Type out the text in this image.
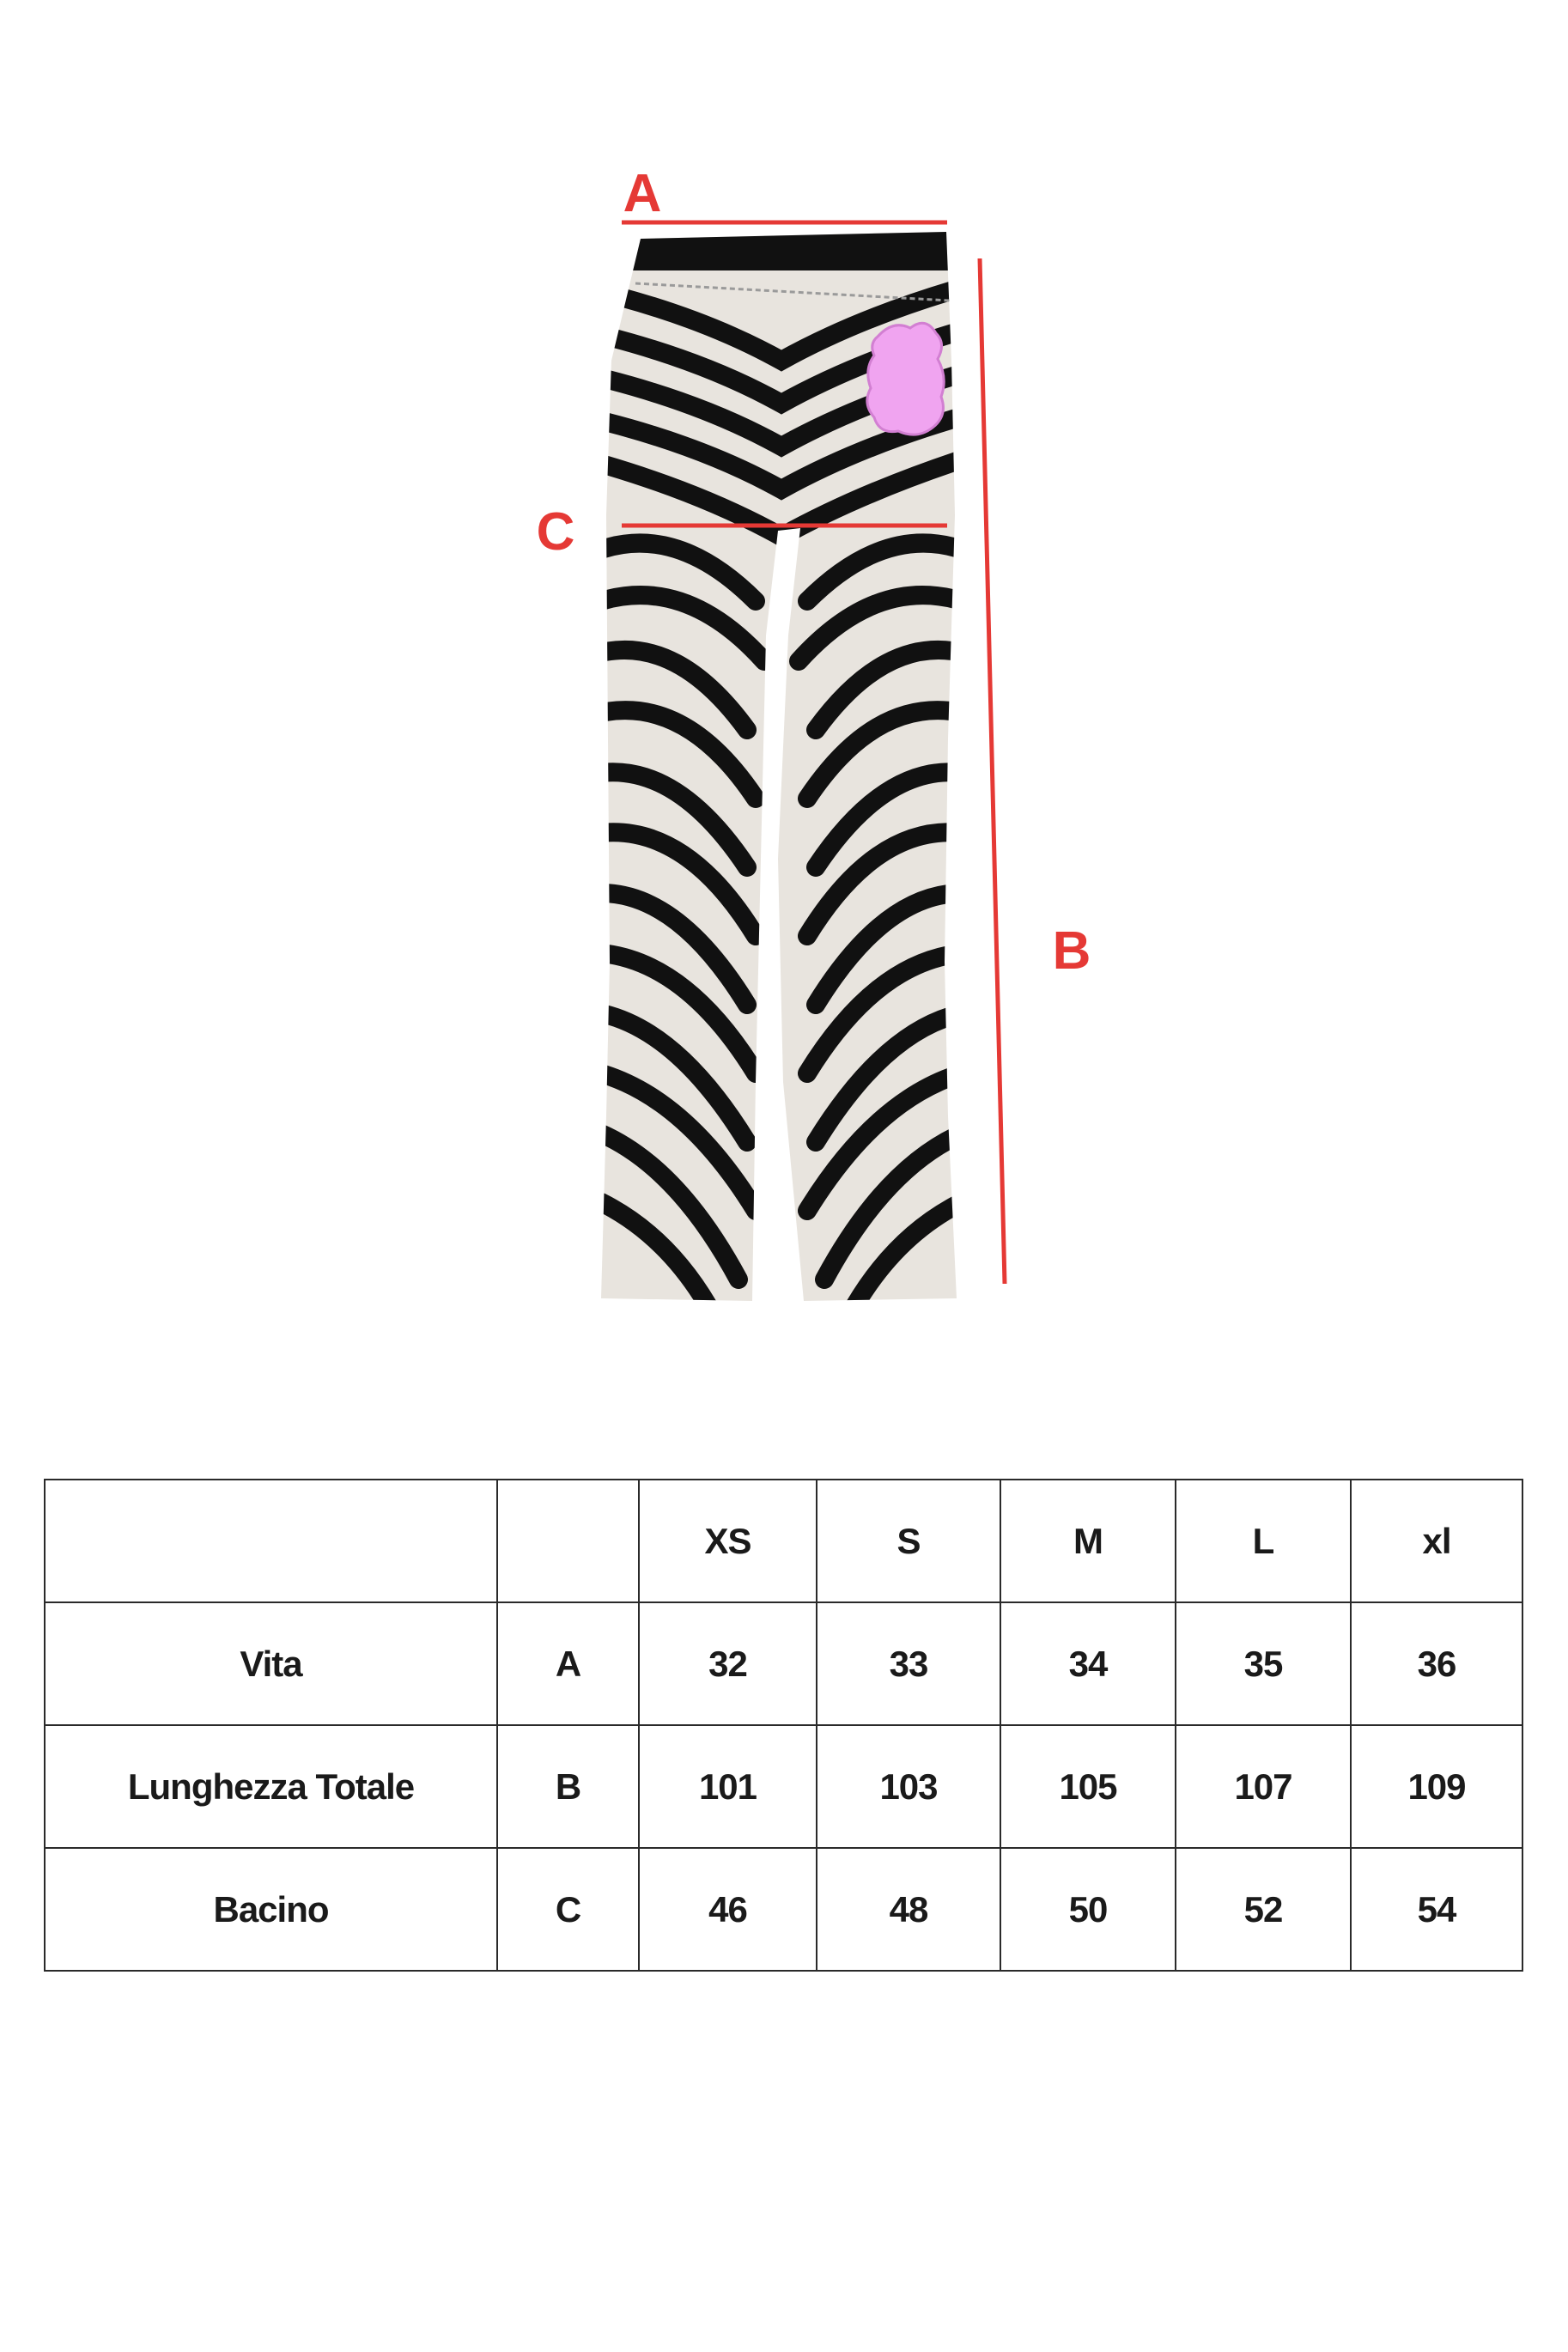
A
B
C
		XS	S	M	L	xl
Vita	A	32	33	34	35	36
Lunghezza Totale	B	101	103	105	107	109
Bacino	C	46	48	50	52	54
